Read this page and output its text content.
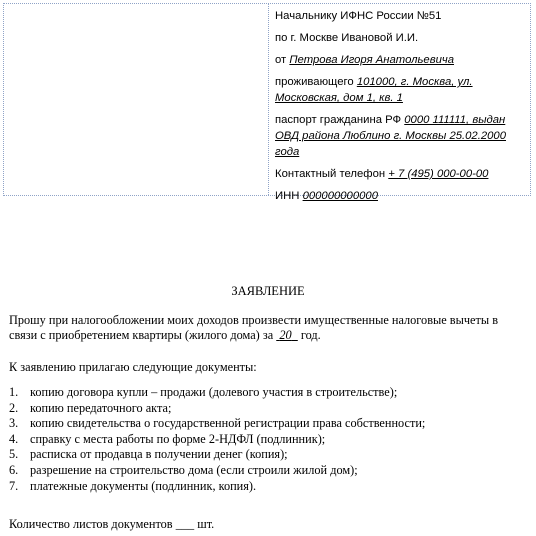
Начальнику ИФНС России №51
по г. Москве Ивановой И.И.
от Петрова Игоря Анатольевича
проживающего 101000, г. Москва, ул. Московская, дом 1, кв. 1
паспорт гражданина РФ 0000 111111, выдан ОВД района Люблино г. Москвы 25.02.2000 года
Контактный телефон + 7 (495) 000-00-00
ИНН 000000000000
ЗАЯВЛЕНИЕ
Прошу при налогообложении моих доходов произвести имущественные налоговые вычеты в связи с приобретением квартиры (жилого дома) за 20 год.
К заявлению прилагаю следующие документы:
1. копию договора купли – продажи (долевого участия в строительстве);
2. копию передаточного акта;
3. копию свидетельства о государственной регистрации права собственности;
4. справку с места работы по форме 2-НДФЛ (подлинник);
5. расписка от продавца в получении денег (копия);
6. разрешение на строительство дома (если строили жилой дом);
7. платежные документы (подлинник, копия).
Количество листов документов ___ шт.
